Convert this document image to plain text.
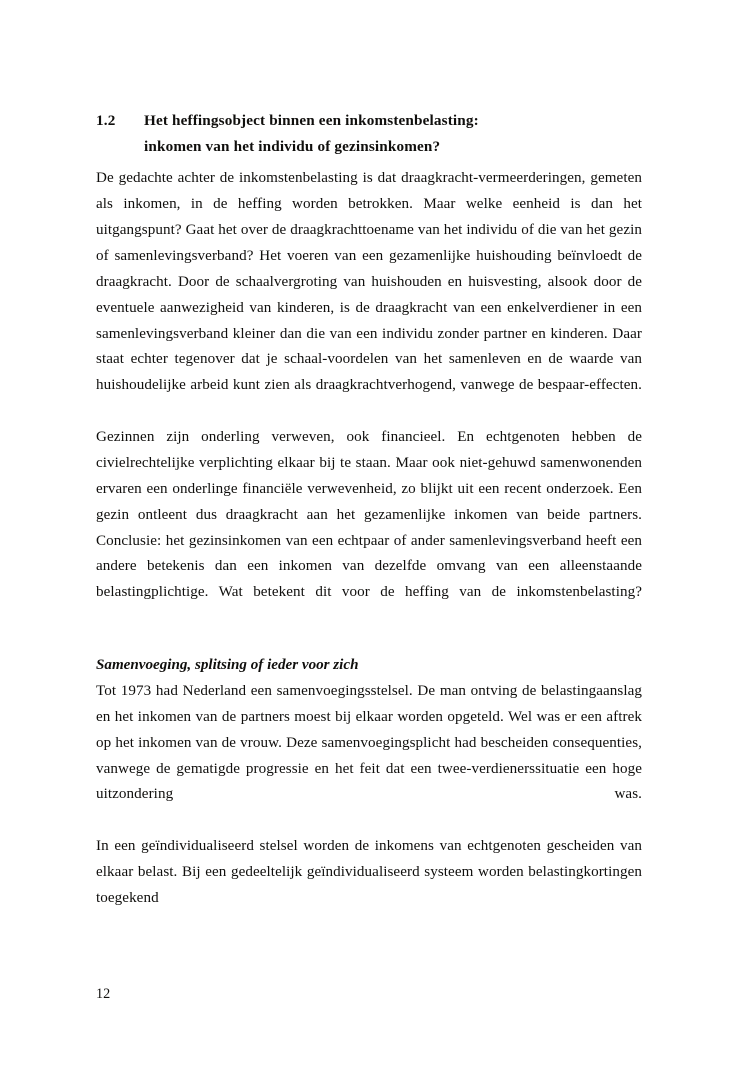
1.2 Het heffingsobject binnen een inkomstenbelasting:
inkomen van het individu of gezinsinkomen?

De gedachte achter de inkomstenbelasting is dat draagkracht-vermeerderingen, gemeten als inkomen, in de heffing worden betrokken. Maar welke eenheid is dan het uitgangspunt? Gaat het over de draagkrachttoename van het individu of die van het gezin of samenlevingsverband? Het voeren van een gezamenlijke huishouding beïnvloedt de draagkracht. Door de schaalvergroting van huishouden en huisvesting, alsook door de eventuele aanwezigheid van kinderen, is de draagkracht van een enkelverdiener in een samenlevingsverband kleiner dan die van een individu zonder partner en kinderen. Daar staat echter tegenover dat je schaal-voordelen van het samenleven en de waarde van huishoudelijke arbeid kunt zien als draagkrachtverhogend, vanwege de bespaar-effecten.

Gezinnen zijn onderling verweven, ook financieel. En echtgenoten hebben de civielrechtelijke verplichting elkaar bij te staan. Maar ook niet-gehuwd samenwonenden ervaren een onderlinge financiële verwevenheid, zo blijkt uit een recent onderzoek. Een gezin ontleent dus draagkracht aan het gezamenlijke inkomen van beide partners. Conclusie: het gezinsinkomen van een echtpaar of ander samenlevingsverband heeft een andere betekenis dan een inkomen van dezelfde omvang van een alleenstaande belastingplichtige. Wat betekent dit voor de heffing van de inkomstenbelasting?

Samenvoeging, splitsing of ieder voor zich

Tot 1973 had Nederland een samenvoegingsstelsel. De man ontving de belastingaanslag en het inkomen van de partners moest bij elkaar worden opgeteld. Wel was er een aftrek op het inkomen van de vrouw. Deze samenvoegingsplicht had bescheiden consequenties, vanwege de gematigde progressie en het feit dat een twee-verdienerssituatie een hoge uitzondering was.

In een geïndividualiseerd stelsel worden de inkomens van echtgenoten gescheiden van elkaar belast. Bij een gedeeltelijk geïndividualiseerd systeem worden belastingkortingen toegekend

12
